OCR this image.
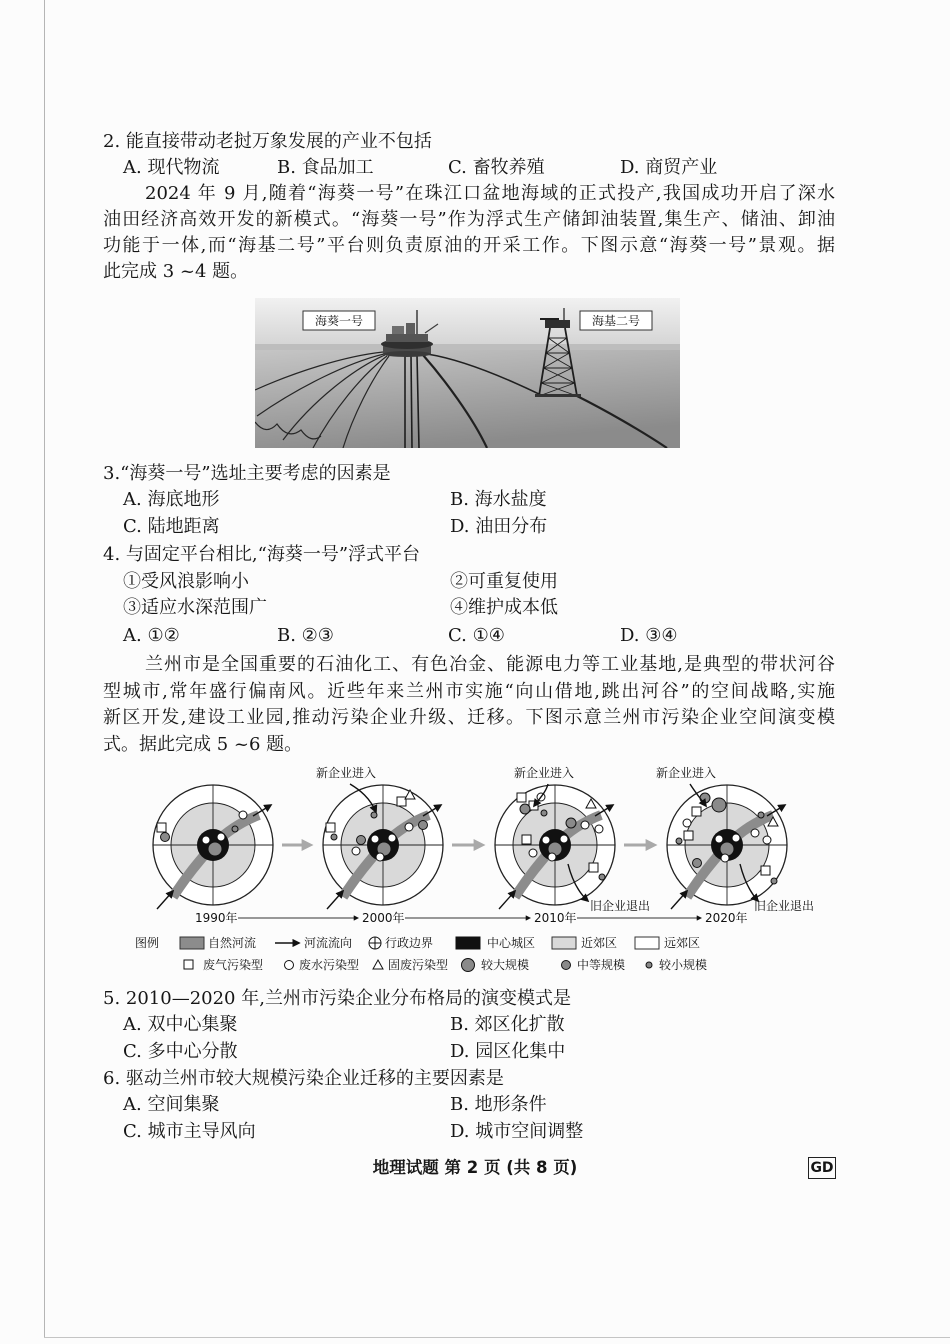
2. 能直接带动老挝万象发展的产业不包括
A. 现代物流	B. 食品加工	C. 畜牧养殖	D. 商贸产业
2024 年 9 月,随着“海葵一号”在珠江口盆地海域的正式投产,我国成功开启了深水
油田经济高效开发的新模式。“海葵一号”作为浮式生产储卸油装置,集生产、储油、卸油
功能于一体,而“海基二号”平台则负责原油的开采工作。下图示意“海葵一号”景观。据
此完成 3 ~4 题。
海葵一号	海基二号
3.“海葵一号”选址主要考虑的因素是
A. 海底地形	B. 海水盐度
C. 陆地距离	D. 油田分布
4. 与固定平台相比,“海葵一号”浮式平台
①受风浪影响小	②可重复使用
③适应水深范围广	④维护成本低
A. ①②	B. ②③	C. ①④	D. ③④
兰州市是全国重要的石油化工、有色冶金、能源电力等工业基地,是典型的带状河谷
型城市,常年盛行偏南风。近些年来兰州市实施“向山借地,跳出河谷”的空间战略,实施
新区开发,建设工业园,推动污染企业升级、迁移。下图示意兰州市污染企业空间演变模
式。据此完成 5 ~6 题。
新企业进入	新企业进入	新企业进入
旧企业退出	旧企业退出
1990年	2000年	2010年	2020年
图例	自然河流	河流流向	行政边界	中心城区	近郊区	远郊区
废气污染型	废水污染型 固废污染型	较大规模	中等规模	较小规模
5. 2010—2020 年,兰州市污染企业分布格局的演变模式是
A. 双中心集聚	B. 郊区化扩散
C. 多中心分散	D. 园区化集中
6. 驱动兰州市较大规模污染企业迁移的主要因素是
A. 空间集聚	B. 地形条件
C. 城市主导风向	D. 城市空间调整
地理试题 第 2 页 (共 8 页)	GD
